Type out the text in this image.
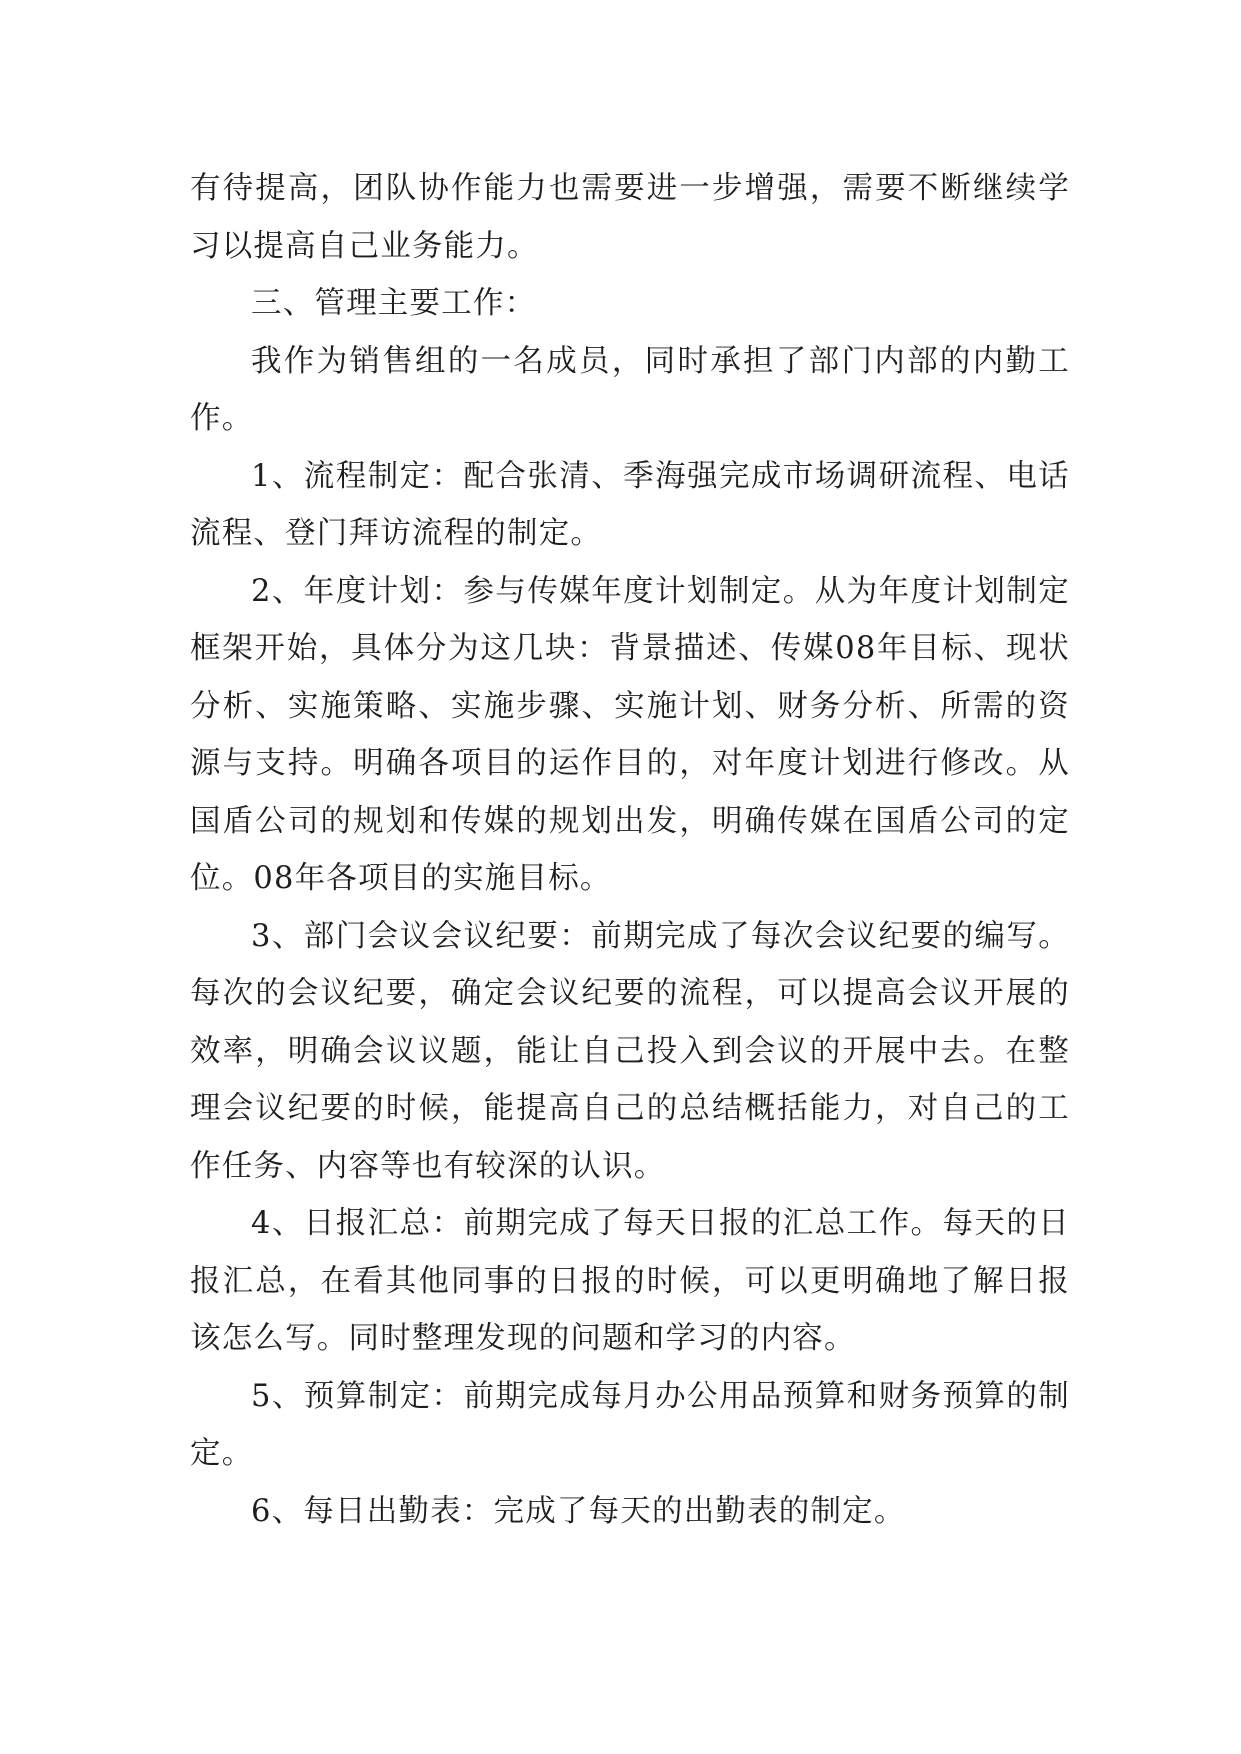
有待提高，团队协作能力也需要进一步增强，需要不断继续学习以提高自己业务能力。

三、管理主要工作：

我作为销售组的一名成员，同时承担了部门内部的内勤工作。

1、流程制定：配合张清、季海强完成市场调研流程、电话流程、登门拜访流程的制定。

2、年度计划：参与传媒年度计划制定。从为年度计划制定框架开始，具体分为这几块：背景描述、传媒08年目标、现状分析、实施策略、实施步骤、实施计划、财务分析、所需的资源与支持。明确各项目的运作目的，对年度计划进行修改。从国盾公司的规划和传媒的规划出发，明确传媒在国盾公司的定位。08年各项目的实施目标。

3、部门会议会议纪要：前期完成了每次会议纪要的编写。每次的会议纪要，确定会议纪要的流程，可以提高会议开展的效率，明确会议议题，能让自己投入到会议的开展中去。在整理会议纪要的时候，能提高自己的总结概括能力，对自己的工作任务、内容等也有较深的认识。

4、日报汇总：前期完成了每天日报的汇总工作。每天的日报汇总，在看其他同事的日报的时候，可以更明确地了解日报该怎么写。同时整理发现的问题和学习的内容。

5、预算制定：前期完成每月办公用品预算和财务预算的制定。

6、每日出勤表：完成了每天的出勤表的制定。
